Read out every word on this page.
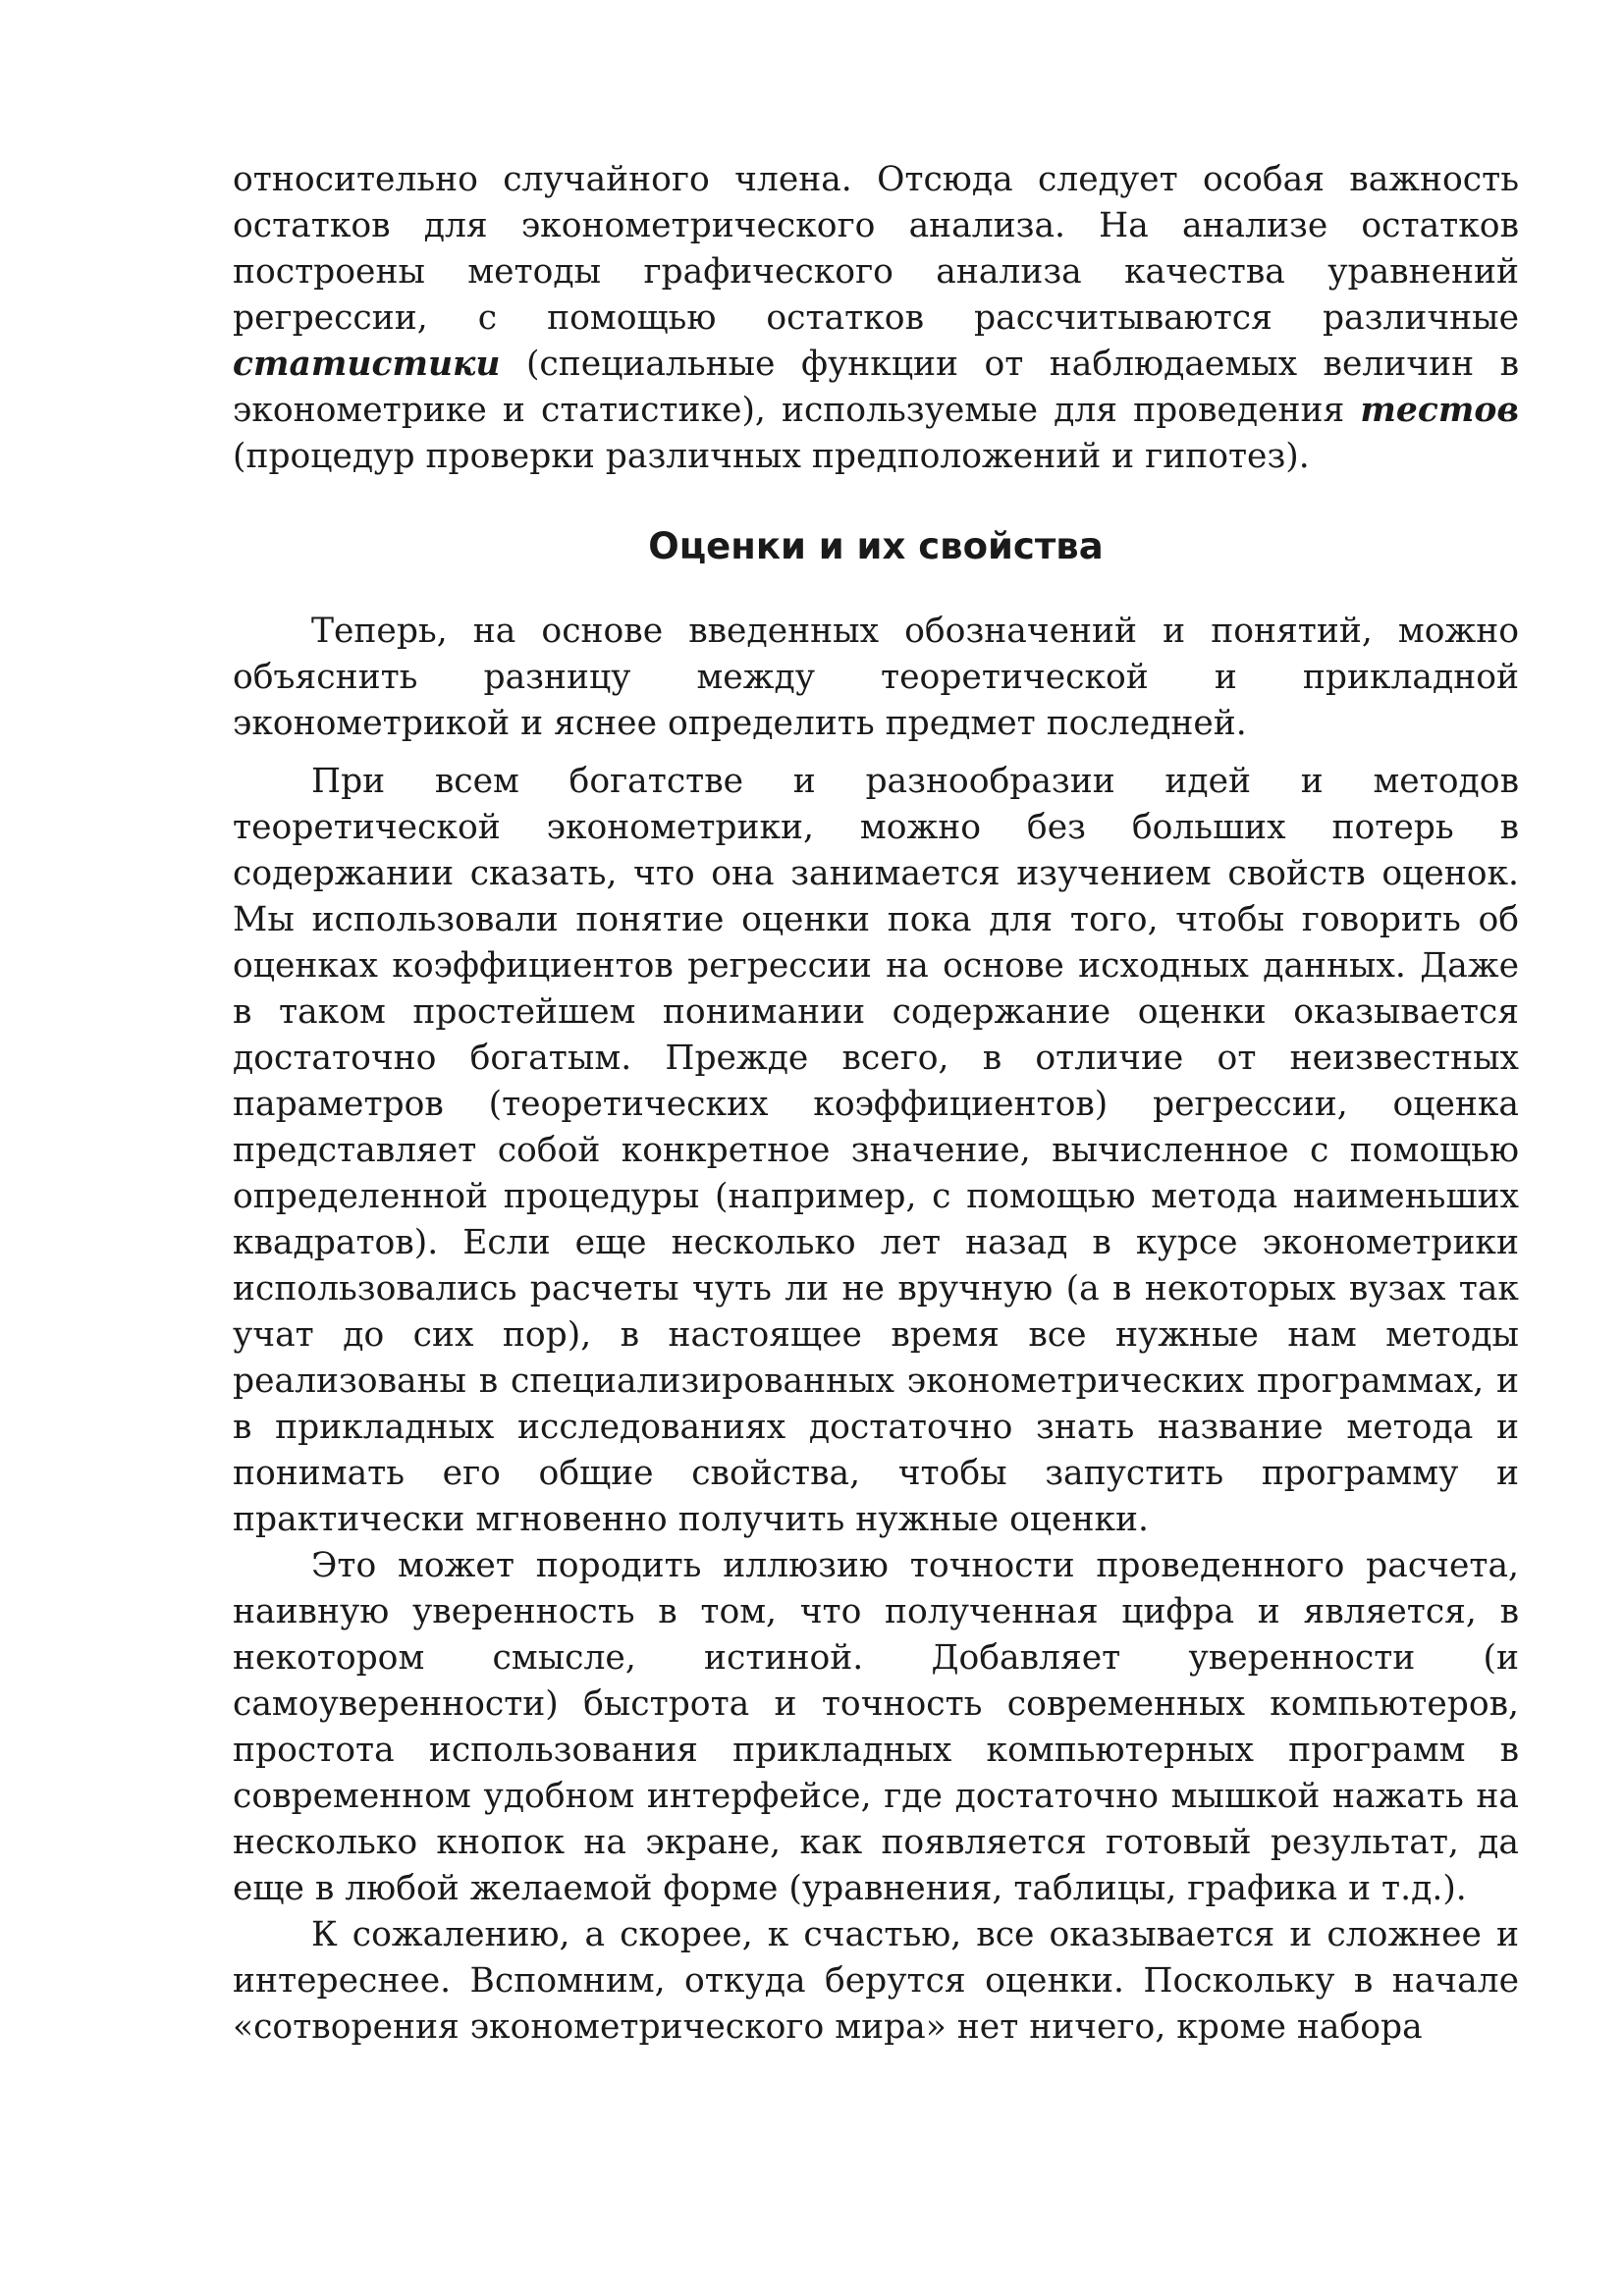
относительно случайного члена. Отсюда следует особая важность остатков для эконометрического анализа. На анализе остатков построены методы графического анализа качества уравнений регрессии, с помощью остатков рассчитываются различные статистики (специальные функции от наблюдаемых величин в эконометрике и статистике), используемые для проведения тестов (процедур проверки различных предположений и гипотез).

Оценки и их свойства

Теперь, на основе введенных обозначений и понятий, можно объяснить разницу между теоретической и прикладной эконометрикой и яснее определить предмет последней.

При всем богатстве и разнообразии идей и методов теоретической эконометрики, можно без больших потерь в содержании сказать, что она занимается изучением свойств оценок. Мы использовали понятие оценки пока для того, чтобы говорить об оценках коэффициентов регрессии на основе исходных данных. Даже в таком простейшем понимании содержание оценки оказывается достаточно богатым. Прежде всего, в отличие от неизвестных параметров (теоретических коэффициентов) регрессии, оценка представляет собой конкретное значение, вычисленное с помощью определенной процедуры (например, с помощью метода наименьших квадратов). Если еще несколько лет назад в курсе эконометрики использовались расчеты чуть ли не вручную (а в некоторых вузах так учат до сих пор), в настоящее время все нужные нам методы реализованы в специализированных эконометрических программах, и в прикладных исследованиях достаточно знать название метода и понимать его общие свойства, чтобы запустить программу и практически мгновенно получить нужные оценки.

Это может породить иллюзию точности проведенного расчета, наивную уверенность в том, что полученная цифра и является, в некотором смысле, истиной. Добавляет уверенности (и самоуверенности) быстрота и точность современных компьютеров, простота использования прикладных компьютерных программ в современном удобном интерфейсе, где достаточно мышкой нажать на несколько кнопок на экране, как появляется готовый результат, да еще в любой желаемой форме (уравнения, таблицы, графика и т.д.).

К сожалению, а скорее, к счастью, все оказывается и сложнее и интереснее. Вспомним, откуда берутся оценки. Поскольку в начале «сотворения эконометрического мира» нет ничего, кроме набора
